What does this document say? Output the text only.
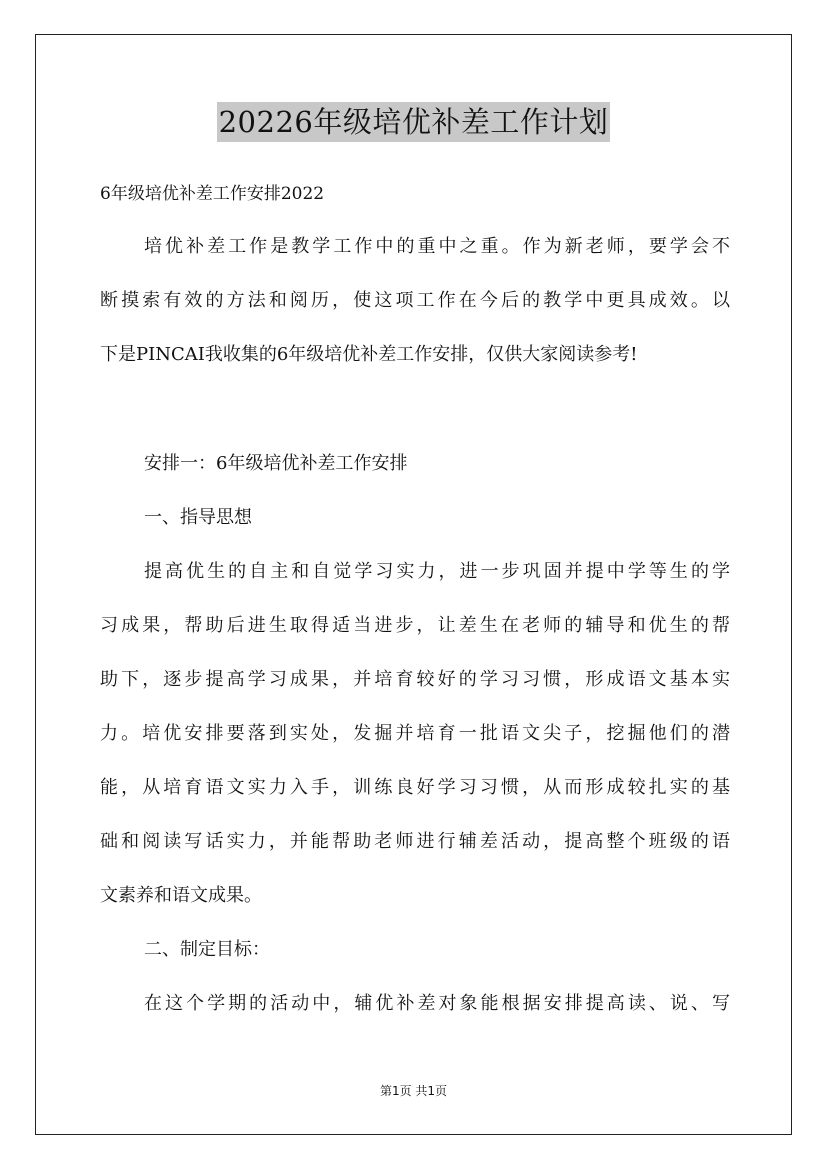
20226年级培优补差工作计划
6年级培优补差工作安排2022
培优补差工作是教学工作中的重中之重。作为新老师，要学会不
断摸索有效的方法和阅历，使这项工作在今后的教学中更具成效。以
下是PINCAI我收集的6年级培优补差工作安排，仅供大家阅读参考!
安排一：6年级培优补差工作安排
一、指导思想
提高优生的自主和自觉学习实力，进一步巩固并提中学等生的学
习成果，帮助后进生取得适当进步，让差生在老师的辅导和优生的帮
助下，逐步提高学习成果，并培育较好的学习习惯，形成语文基本实
力。培优安排要落到实处，发掘并培育一批语文尖子，挖掘他们的潜
能，从培育语文实力入手，训练良好学习习惯，从而形成较扎实的基
础和阅读写话实力，并能帮助老师进行辅差活动，提高整个班级的语
文素养和语文成果。
二、制定目标：
在这个学期的活动中，辅优补差对象能根据安排提高读、说、写
第1页 共1页
